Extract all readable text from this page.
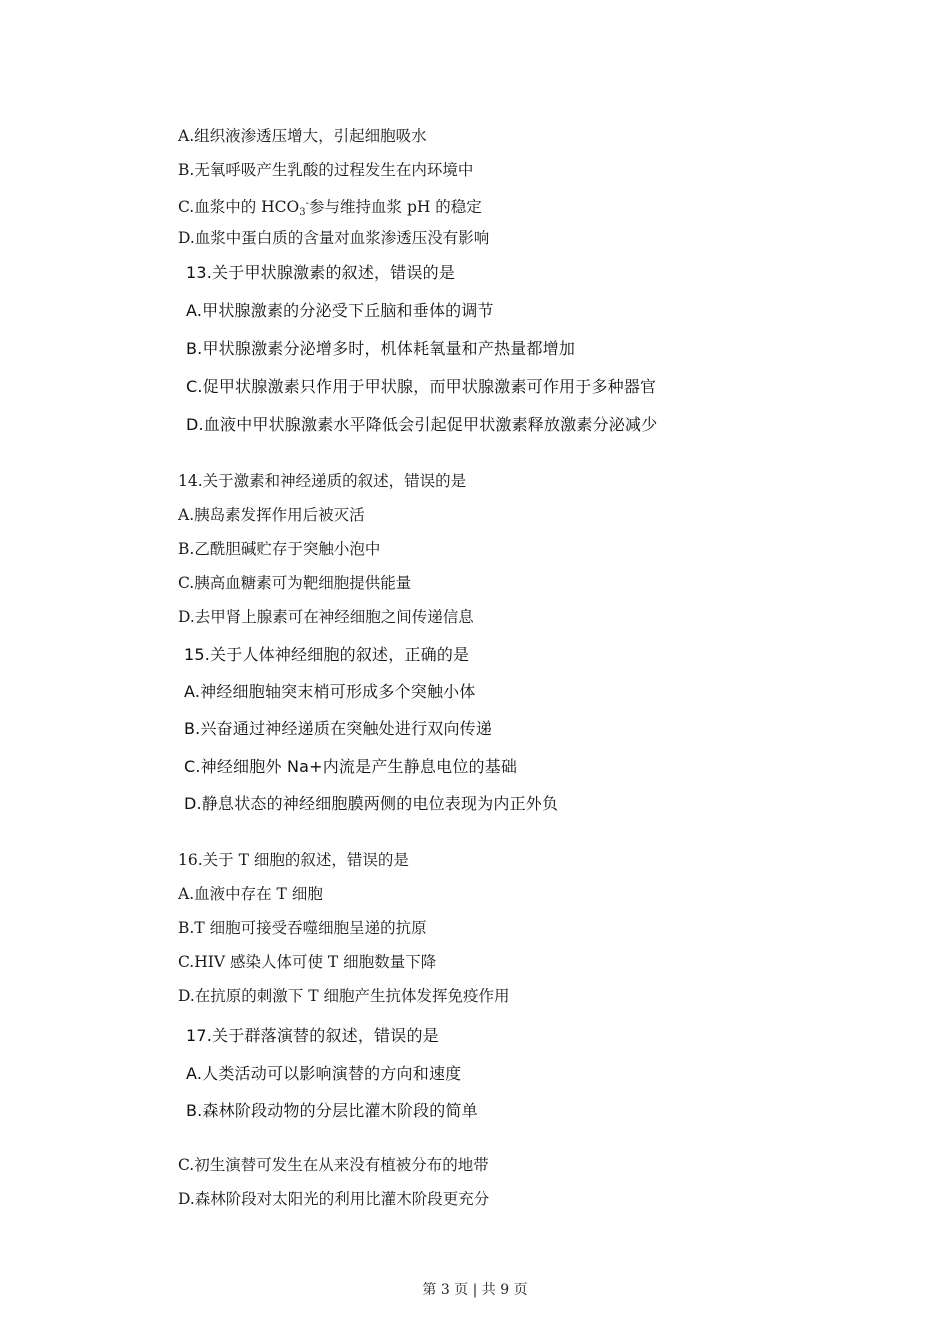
A.组织液渗透压增大，引起细胞吸水
B.无氧呼吸产生乳酸的过程发生在内环境中
C.血浆中的 $HCO_3^-$参与维持血浆 pH 的稳定
D.血浆中蛋白质的含量对血浆渗透压没有影响
13.关于甲状腺激素的叙述，错误的是
A.甲状腺激素的分泌受下丘脑和垂体的调节
B.甲状腺激素分泌增多时，机体耗氧量和产热量都增加
C.促甲状腺激素只作用于甲状腺，而甲状腺激素可作用于多种器官
D.血液中甲状腺激素水平降低会引起促甲状激素释放激素分泌减少
14.关于激素和神经递质的叙述，错误的是
A.胰岛素发挥作用后被灭活
B.乙酰胆碱贮存于突触小泡中
C.胰高血糖素可为靶细胞提供能量
D.去甲肾上腺素可在神经细胞之间传递信息
15.关于人体神经细胞的叙述，正确的是
A.神经细胞轴突末梢可形成多个突触小体
B.兴奋通过神经递质在突触处进行双向传递
C.神经细胞外 Na+内流是产生静息电位的基础
D.静息状态的神经细胞膜两侧的电位表现为内正外负
16.关于 T 细胞的叙述，错误的是
A.血液中存在 T 细胞
B.T 细胞可接受吞噬细胞呈递的抗原
C.HIV 感染人体可使 T 细胞数量下降
D.在抗原的刺激下 T 细胞产生抗体发挥免疫作用
17.关于群落演替的叙述，错误的是
A.人类活动可以影响演替的方向和速度
B.森林阶段动物的分层比灌木阶段的简单
C.初生演替可发生在从来没有植被分布的地带
D.森林阶段对太阳光的利用比灌木阶段更充分
第 3 页 | 共 9 页
